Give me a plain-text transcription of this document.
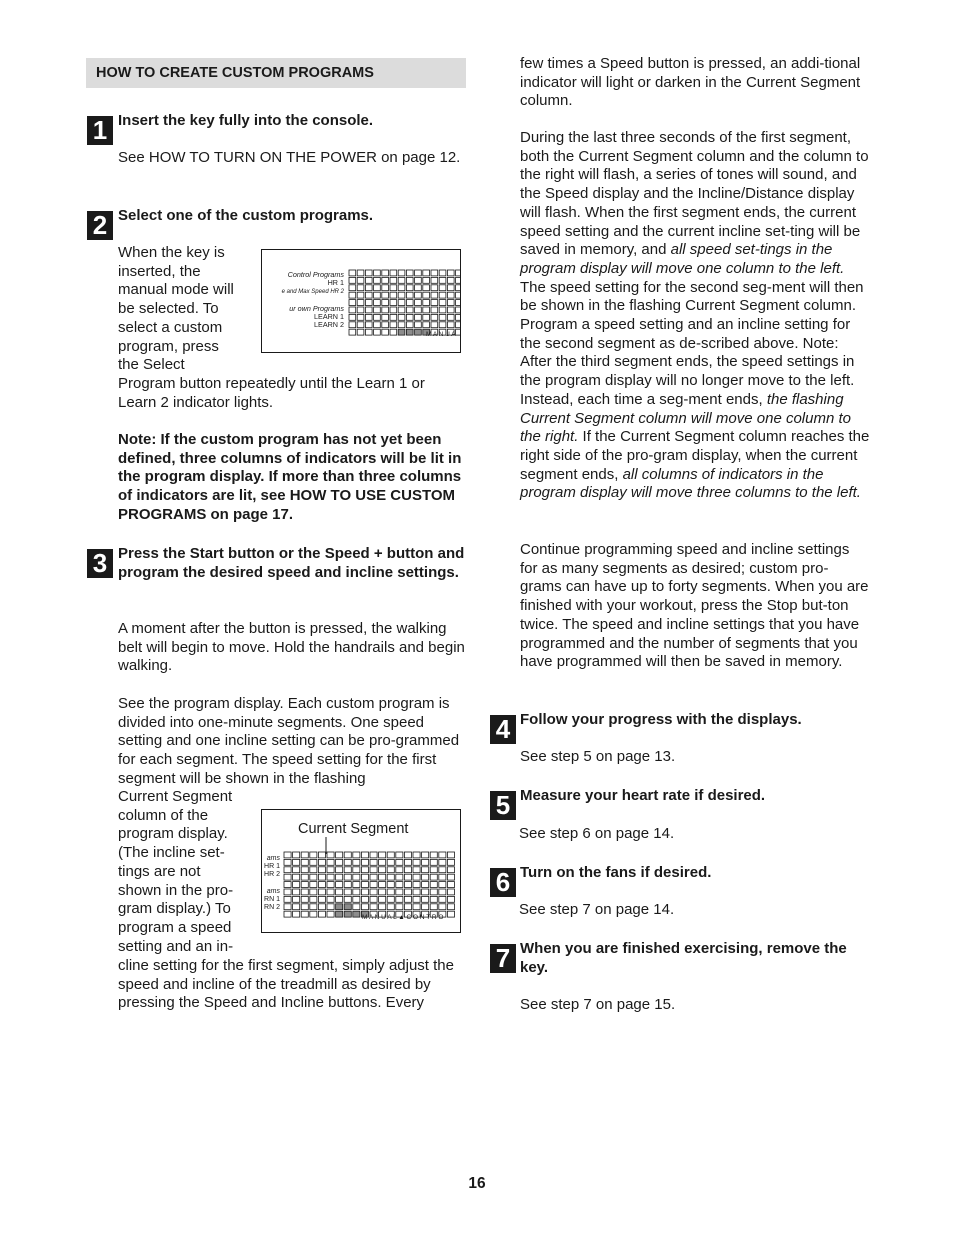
HOW TO CREATE CUSTOM PROGRAMS
1 Insert the key fully into the console.

See HOW TO TURN ON THE POWER on page 12.

2 Select one of the custom programs.

When the key is
inserted, the
manual mode will
be selected. To
select a custom
program, press
the Select

Program button repeatedly until the Learn 1 or Learn 2 indicator lights.

Note: If the custom program has not yet been defined, three columns of indicators will be lit in the program display. If more than three columns of indicators are lit, see HOW TO USE CUSTOM PROGRAMS on page 17.

Control Programs
HR 1
e and Max Speed HR 2
ur own Programs
LEARN 1
LEARN 2
M A N U A
3 Press the Start button or the Speed + button and program the desired speed and incline settings.

A moment after the button is pressed, the walking belt will begin to move. Hold the handrails and begin walking.

See the program display. Each custom program is divided into one-minute segments. One speed setting and one incline setting can be pro-grammed for each segment. The speed setting for the first segment will be shown in the flashing

Current Segment
column of the
program display.
(The incline set-
tings are not
shown in the pro-
gram display.) To
program a speed
setting and an in-

cline setting for the first segment, simply adjust the speed and incline of the treadmill as desired by pressing the Speed and Incline buttons. Every

Current Segment
ams
HR 1
HR 2
ams
RN 1
RN 2
M A N U A L ▲ C O N T R O

few times a Speed button is pressed, an addi-tional indicator will light or darken in the Current Segment column.

During the last three seconds of the first segment, both the Current Segment column and the column to the right will flash, a series of tones will sound, and the Speed display and the Incline/Distance display will flash. When the first segment ends, the current speed setting and the current incline set-ting will be saved in memory, and all speed set-tings in the program display will move one column to the left. The speed setting for the second seg-ment will then be shown in the flashing Current Segment column. Program a speed setting and an incline setting for the second segment as de-scribed above. Note: After the third segment ends, the speed settings in the program display will no longer move to the left. Instead, each time a seg-ment ends, the flashing Current Segment column will move one column to the right. If the Current Segment column reaches the right side of the pro-gram display, when the current segment ends, all columns of indicators in the program display will move three columns to the left.

Continue programming speed and incline settings for as many segments as desired; custom pro-grams can have up to forty segments. When you are finished with your workout, press the Stop but-ton twice. The speed and incline settings that you have programmed and the number of segments that you have programmed will then be saved in memory.

4 Follow your progress with the displays.

See step 5 on page 13.

5 Measure your heart rate if desired.

See step 6 on page 14.

6 Turn on the fans if desired.

See step 7 on page 14.

7 When you are finished exercising, remove the key.

See step 7 on page 15.

16
